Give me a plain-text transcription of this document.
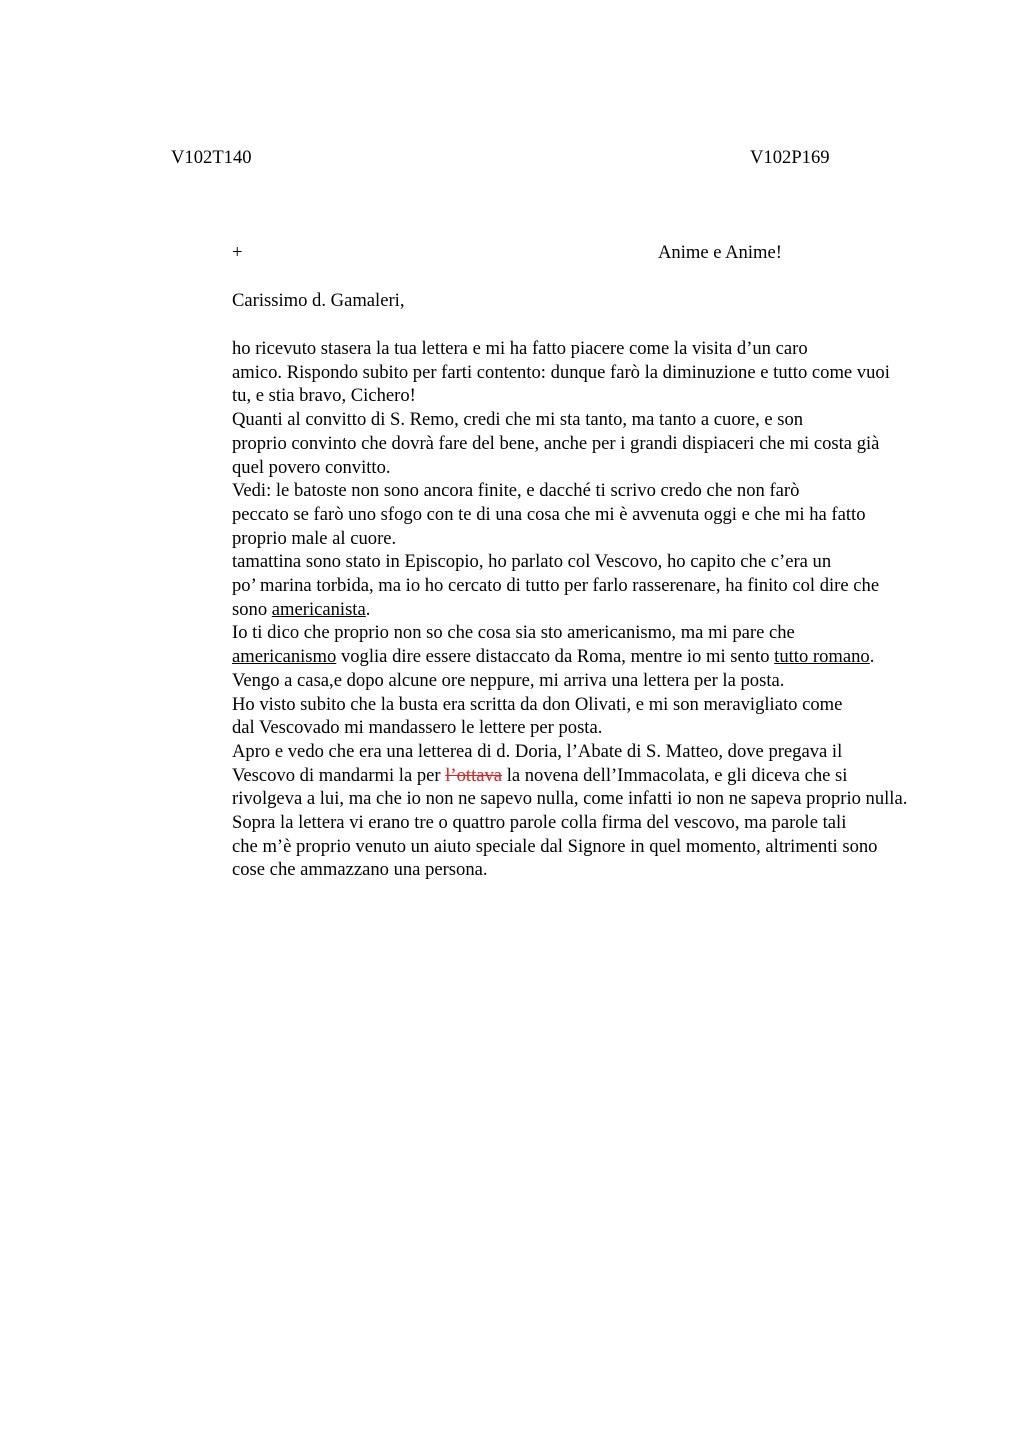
V102T140	V102P169
+	Anime e Anime!
Carissimo d. Gamaleri,

ho ricevuto stasera la tua lettera e mi ha fatto piacere come la visita d’un caro
amico. Rispondo subito per farti contento: dunque farò la diminuzione e tutto come vuoi
tu, e stia bravo, Cichero!

Quanti al convitto di S. Remo, credi che mi sta tanto, ma tanto a cuore, e son
proprio convinto che dovrà fare del bene, anche per i grandi dispiaceri che mi costa già
quel povero convitto.

Vedi: le batoste non sono ancora finite, e dacché ti scrivo credo che non farò
peccato se farò uno sfogo con te di una cosa che mi è avvenuta oggi e che mi ha fatto
proprio male al cuore.

tamattina sono stato in Episcopio, ho parlato col Vescovo, ho capito che c’era un
po’ marina torbida, ma io ho cercato di tutto per farlo rasserenare, ha finito col dire che
sono americanista.

Io ti dico che proprio non so che cosa sia sto americanismo, ma mi pare che
americanismo voglia dire essere distaccato da Roma, mentre io mi sento tutto romano.

Vengo a casa,e dopo alcune ore neppure, mi arriva una lettera per la posta.

Ho visto subito che la busta era scritta da don Olivati, e mi son meravigliato come
dal Vescovado mi mandassero le lettere per posta.

Apro e vedo che era una letterea di d. Doria, l’Abate di S. Matteo, dove pregava il
Vescovo di mandarmi la per l’ottava la novena dell’Immacolata, e gli diceva che si
rivolgeva a lui, ma che io non ne sapevo nulla, come infatti io non ne sapeva proprio nulla.

Sopra la lettera vi erano tre o quattro parole colla firma del vescovo, ma parole tali
che m’è proprio venuto un aiuto speciale dal Signore in quel momento, altrimenti sono
cose che ammazzano una persona.
